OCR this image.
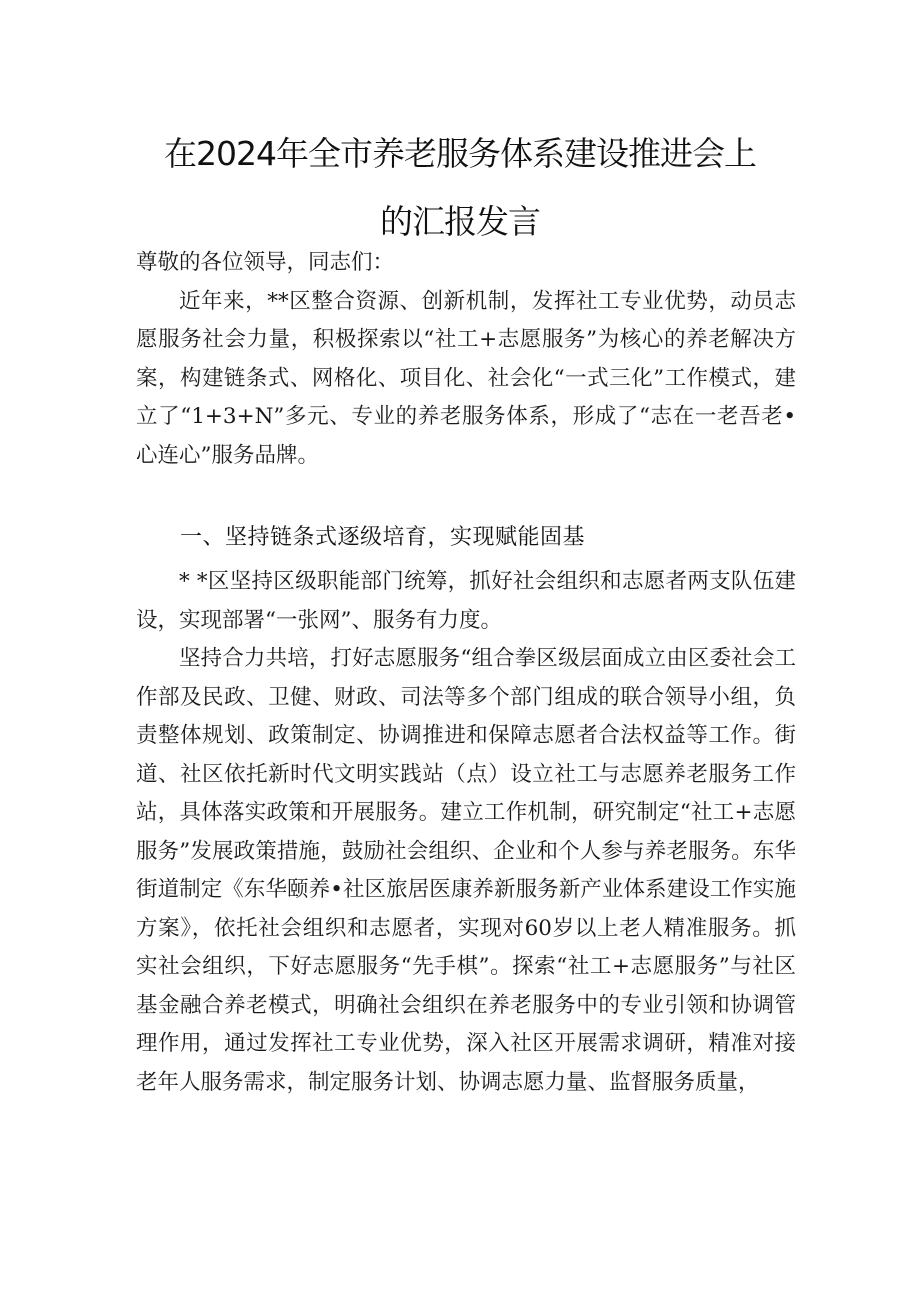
在2024年全市养老服务体系建设推进会上
的汇报发言

尊敬的各位领导，同志们：

近年来，**区整合资源、创新机制，发挥社工专业优势，动员志愿服务社会力量，积极探索以“社工+志愿服务”为核心的养老解决方案，构建链条式、网格化、项目化、社会化“一式三化”工作模式，建立了“1+3+N”多元、专业的养老服务体系，形成了“志在一老吾老•心连心”服务品牌。

一、坚持链条式逐级培育，实现赋能固基

* *区坚持区级职能部门统筹，抓好社会组织和志愿者两支队伍建设，实现部署“一张网”、服务有力度。

坚持合力共培，打好志愿服务“组合拳区级层面成立由区委社会工作部及民政、卫健、财政、司法等多个部门组成的联合领导小组，负责整体规划、政策制定、协调推进和保障志愿者合法权益等工作。街道、社区依托新时代文明实践站（点）设立社工与志愿养老服务工作站，具体落实政策和开展服务。建立工作机制，研究制定“社工+志愿服务”发展政策措施，鼓励社会组织、企业和个人参与养老服务。东华街道制定《东华颐养•社区旅居医康养新服务新产业体系建设工作实施方案》，依托社会组织和志愿者，实现对60岁以上老人精准服务。抓实社会组织，下好志愿服务“先手棋”。探索“社工+志愿服务”与社区基金融合养老模式，明确社会组织在养老服务中的专业引领和协调管理作用，通过发挥社工专业优势，深入社区开展需求调研，精准对接老年人服务需求，制定服务计划、协调志愿力量、监督服务质量，
